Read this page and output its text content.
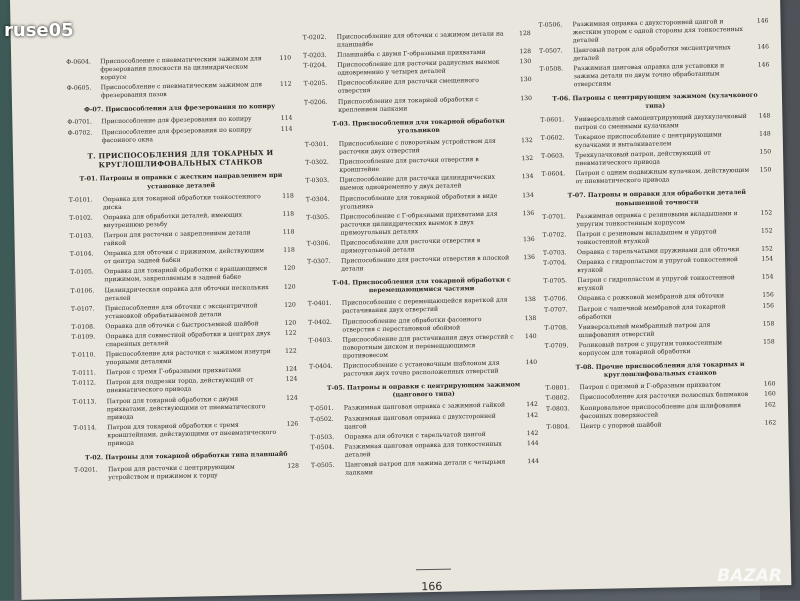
Ф-0604.	Приспособление с пневматическим зажимом для фрезерования плоскости на цилиндрическом корпусе
110
Ф-0605.	Приспособление с пневматическим зажимом для фрезерования пазов
112
Ф-07. Приспособления для фрезерования по копиру
Ф-0701.	Приспособление для фрезерования по копиру	114
Ф-0702.	Приспособление для фрезерования по копиру фасонного окна
114
Т. ПРИСПОСОБЛЕНИЯ ДЛЯ ТОКАРНЫХ И КРУГЛОШЛИФОВАЛЬНЫХ СТАНКОВ
Т-01. Патроны и оправки с жестким направлением при установке деталей
Т-0101.	Оправка для токарной обработки тонкостенного диска
118
Т-0102.	Оправка для обработки деталей, имеющих внутреннюю резьбу
118
Т-0103.	Патрон для расточки с закреплением детали гайкой
118
Т-0104.	Оправка для обточки с прижимом, действующим от центра задней бабки
118
Т-0105.	Оправка для токарной обработки с вращающимся прижимом, закрепляемым в задней бабке
120
Т-0106.	Цилиндрическая оправка для обточки нескольких деталей
120
Т-0107.	Приспособление для обточки с эксцентричной установкой обрабатываемой детали
120
Т-0108.	Оправка для обточки с быстросъемной шайбой	120
Т-0109.	Оправка для совместной обработки в центрах двух спаренных деталей
122
Т-0110.	Приспособление для расточки с зажимом изнутри упорными деталями
122
Т-0111.	Патрон с тремя Г-образными прихватами	124
Т-0112.	Патрон для подрезки торца, действующий от пневматического привода
124
Т-0113.	Патрон для токарной обработки с двумя прихватами, действующими от пневматического привода
124
Т-0114.	Патрон для токарной обработки с тремя кронштейнами, действующими от пневматического привода
126
Т-02. Патроны для токарной обработки типа планшайб
Т-0201.	Патрон для расточки с центрирующим устройством и прижимом к торцу
128
Т-0202.	Приспособление для обточки с зажимом детали на планшайбе
128
Т-0203.	Планшайба с двумя Г-образными прихватами	128
Т-0204.	Приспособление для расточки радиусных выемок одновременно у четырех деталей
130
Т-0205.	Приспособление для расточки смещенного отверстия
130
Т-0206.	Приспособление для токарной обработки с креплением лапками
130
Т-03. Приспособления для токарной обработки угольников
Т-0301.	Приспособление с поворотным устройством для расточки двух отверстий
132
Т-0302.	Приспособление для расточки отверстия в кронштейне
132
Т-0303.	Приспособление для расточки цилиндрических выемок одновременно у двух деталей
134
Т-0304.	Приспособление для токарной обработки в виде угольника
134
Т-0305.	Приспособление с Г-образными прихватами для расточки цилиндрических выемок в двух прямоугольных деталях
136
Т-0306.	Приспособление для расточки отверстия в прямоугольной детали
136
Т-0307.	Приспособление для расточки отверстия в плоской детали
136
Т-04. Приспособления для токарной обработки с перемещающимися частями
Т-0401.	Приспособление с перемещающейся кареткой для растачивания двух отверстий
138
Т-0402.	Приспособление для обработки фасонного отверстия с перестановкой обоймой
138
Т-0403.	Приспособление для растачивания двух отверстий с поворотным диском и перемещающимся противовесом
140
Т-0404.	Приспособление с установочным шаблоном для расточки двух точно расположенных отверстий
140
Т-05. Патроны и оправки с центрирующим зажимом (цанговогo типа)
Т-0501.	Разжимная цанговая оправка с зажимной гайкой	142
Т-0502.	Разжимная цанговая оправка с двухсторонней цангой
142
Т-0503.	Оправка для обточки с тарельчатой цангой	142
Т-0504.	Разжимная цанговая оправка для тонкостенных деталей
144
Т-0505.	Цанговый патрон для зажима детали с четырьмя лапками
144
Т-0506.	Разжимная оправка с двухсторонней цангой и жестким упором с одной стороны для тонкостенных деталей
146
Т-0507.	Цанговый патрон для обработки эксцентричных деталей
146
Т-0508.	Разжимная цанговая оправка для установки и зажима детали по двум точно обработанным отверстиям
146
Т-06. Патроны с центрирующим зажимом (кулачкового типа)
Т-0601.	Универсальный самоцентрирующий двухкулачковый патрон со сменными кулачками
148
Т-0602.	Токарное приспособление с центрирующими кулачками и выталкивателем
148
Т-0603.	Трехкулачковый патрон, действующий от пневматического привода
150
Т-0604.	Патрон с одним подвижным кулачком, действующим от пневматического привода
150
Т-07. Патроны и оправки для обработки деталей повышенной точности
Т-0701.	Разжимная оправка с резиновыми вкладышами и упругим тонкостенным корпусом
152
Т-0702.	Патрон с резиновым вкладышем и упругой тонкостенной втулкой
152
Т-0703.	Оправка с тарельчатыми пружинами для обточки	152
Т-0704.	Оправка с гидропластом и упругой тонкостенной втулкой
154
Т-0705.	Патрон с гидропластом и упругой тонкостенной втулкой
154
Т-0706.	Оправка с рожковой мембраной для обточки	156
Т-0707.	Патрон с чашечной мембраной для токарной обработки
156
Т-0708.	Универсальный мембранный патрон для шлифования отверстий
158
Т-0709.	Роликовый патрон с упругим тонкостенным корпусом для токарной обработки
158
Т-08. Прочие приспособления для токарных и круглошлифовальных станков
Т-0801.	Патрон с призмой и Г-образным прихватом	160
Т-0802.	Приспособление для расточки полюсных башмаков	160
Т-0803.	Копировальное приспособление для шлифования фасонных поверхностей
162
Т-0804.	Центр с упорной шайбой	162
166
ruse05
BAZAR
